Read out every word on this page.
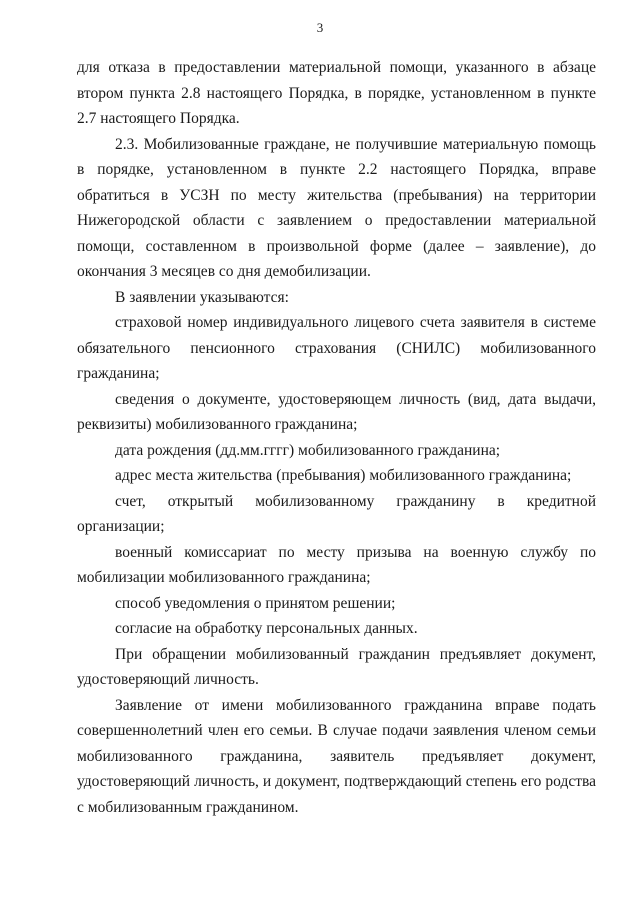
3

для отказа в предоставлении материальной помощи, указанного в абзаце втором пункта 2.8 настоящего Порядка, в порядке, установленном в пункте 2.7 настоящего Порядка.

2.3. Мобилизованные граждане, не получившие материальную помощь в порядке, установленном в пункте 2.2 настоящего Порядка, вправе обратиться в УСЗН по месту жительства (пребывания) на территории Нижегородской области с заявлением о предоставлении материальной помощи, составленном в произвольной форме (далее – заявление), до окончания 3 месяцев со дня демобилизации.

В заявлении указываются:

страховой номер индивидуального лицевого счета заявителя в системе обязательного пенсионного страхования (СНИЛС) мобилизованного гражданина;

сведения о документе, удостоверяющем личность (вид, дата выдачи, реквизиты) мобилизованного гражданина;

дата рождения (дд.мм.гггг) мобилизованного гражданина;

адрес места жительства (пребывания) мобилизованного гражданина;

счет, открытый мобилизованному гражданину в кредитной организации;

военный комиссариат по месту призыва на военную службу по мобилизации мобилизованного гражданина;

способ уведомления о принятом решении;

согласие на обработку персональных данных.

При обращении мобилизованный гражданин предъявляет документ, удостоверяющий личность.

Заявление от имени мобилизованного гражданина вправе подать совершеннолетний член его семьи. В случае подачи заявления членом семьи мобилизованного гражданина, заявитель предъявляет документ, удостоверяющий личность, и документ, подтверждающий степень его родства с мобилизованным гражданином.
